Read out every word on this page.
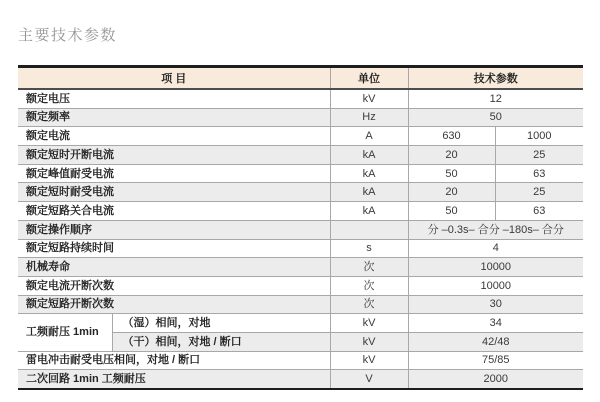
主要技术参数
项 目		单位	技术参数	
额定电压		kV	12	
额定频率		Hz	50	
额定电流		A	630	1000
额定短时开断电流		kA	20	25
额定峰值耐受电流		kA	50	63
额定短时耐受电流		kA	20	25
额定短路关合电流		kA	50	63
额定操作顺序			分 –0.3s– 合分 –180s– 合分	
额定短路持续时间		s	4	
机械寿命		次	10000	
额定电流开断次数		次	10000	
额定短路开断次数		次	30	
工频耐压 1min	（湿）相间，对地	kV	34	
	（干）相间，对地 / 断口	kV	42/48	
雷电冲击耐受电压相间，对地 / 断口		kV	75/85	
二次回路 1min 工频耐压		V	2000	
